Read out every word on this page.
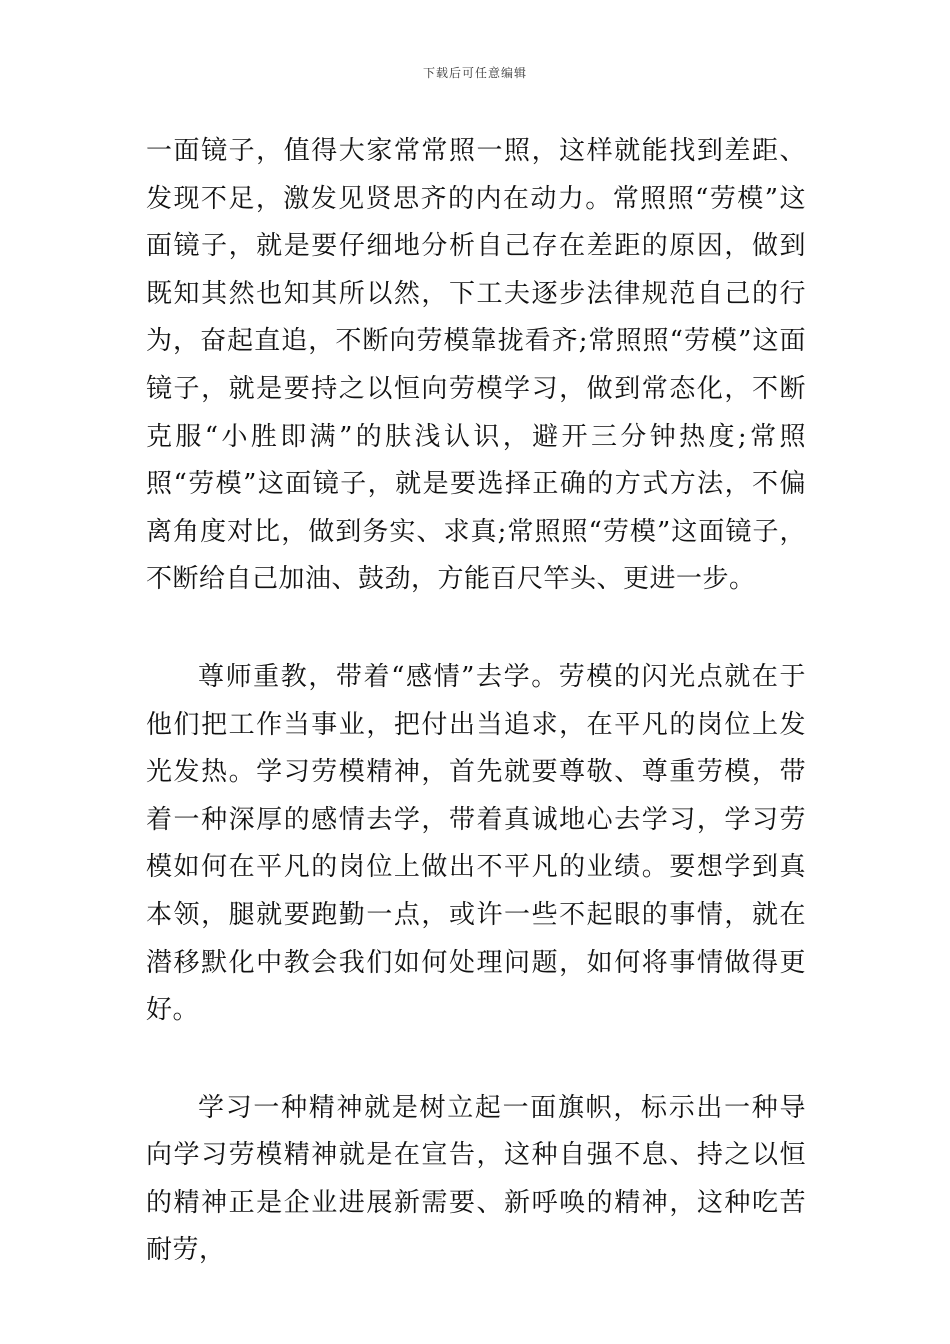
下载后可任意编辑

一面镜子，值得大家常常照一照，这样就能找到差距、发现不足，激发见贤思齐的内在动力。常照照“劳模”这面镜子，就是要仔细地分析自己存在差距的原因，做到既知其然也知其所以然，下工夫逐步法律规范自己的行为，奋起直追，不断向劳模靠拢看齐;常照照“劳模”这面镜子，就是要持之以恒向劳模学习，做到常态化，不断克服“小胜即满”的肤浅认识，避开三分钟热度;常照照“劳模”这面镜子，就是要选择正确的方式方法，不偏离角度对比，做到务实、求真;常照照“劳模”这面镜子，不断给自己加油、鼓劲，方能百尺竿头、更进一步。

尊师重教，带着“感情”去学。劳模的闪光点就在于他们把工作当事业，把付出当追求，在平凡的岗位上发光发热。学习劳模精神，首先就要尊敬、尊重劳模，带着一种深厚的感情去学，带着真诚地心去学习，学习劳模如何在平凡的岗位上做出不平凡的业绩。要想学到真本领，腿就要跑勤一点，或许一些不起眼的事情，就在潜移默化中教会我们如何处理问题，如何将事情做得更好。

学习一种精神就是树立起一面旗帜，标示出一种导向学习劳模精神就是在宣告，这种自强不息、持之以恒的精神正是企业进展新需要、新呼唤的精神，这种吃苦耐劳，
